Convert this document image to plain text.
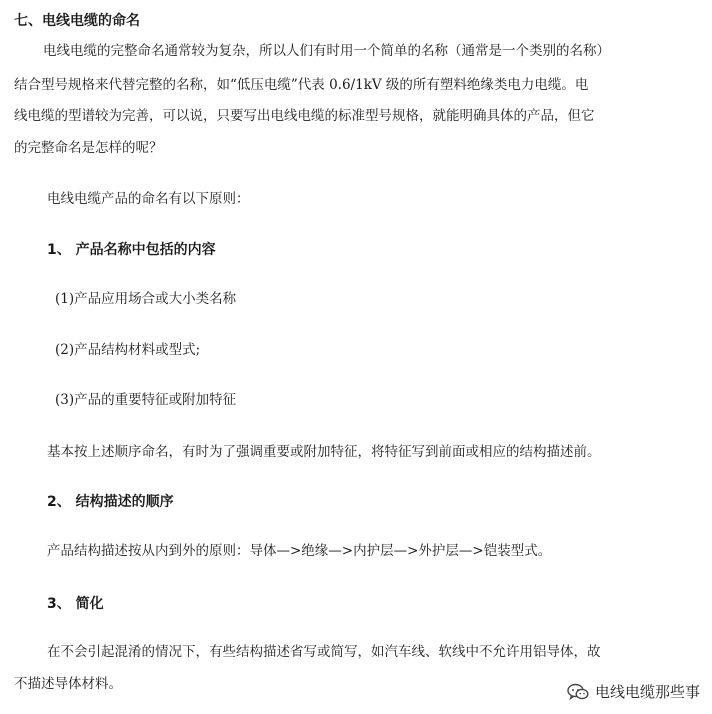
七、电线电缆的命名
电线电缆的完整命名通常较为复杂，所以人们有时用一个简单的名称（通常是一个类别的名称）
结合型号规格来代替完整的名称，如“低压电缆”代表 0.6/1kV 级的所有塑料绝缘类电力电缆。电
线电缆的型谱较为完善，可以说，只要写出电线电缆的标准型号规格，就能明确具体的产品，但它
的完整命名是怎样的呢？
电线电缆产品的命名有以下原则：
1、 产品名称中包括的内容
(1)产品应用场合或大小类名称
(2)产品结构材料或型式;
(3)产品的重要特征或附加特征
基本按上述顺序命名，有时为了强调重要或附加特征，将特征写到前面或相应的结构描述前。
2、 结构描述的顺序
产品结构描述按从内到外的原则：导体—>绝缘—>内护层—>外护层—>铠装型式。
3、 简化
在不会引起混淆的情况下，有些结构描述省写或简写，如汽车线、软线中不允许用铝导体，故
不描述导体材料。	电线电缆那些事
